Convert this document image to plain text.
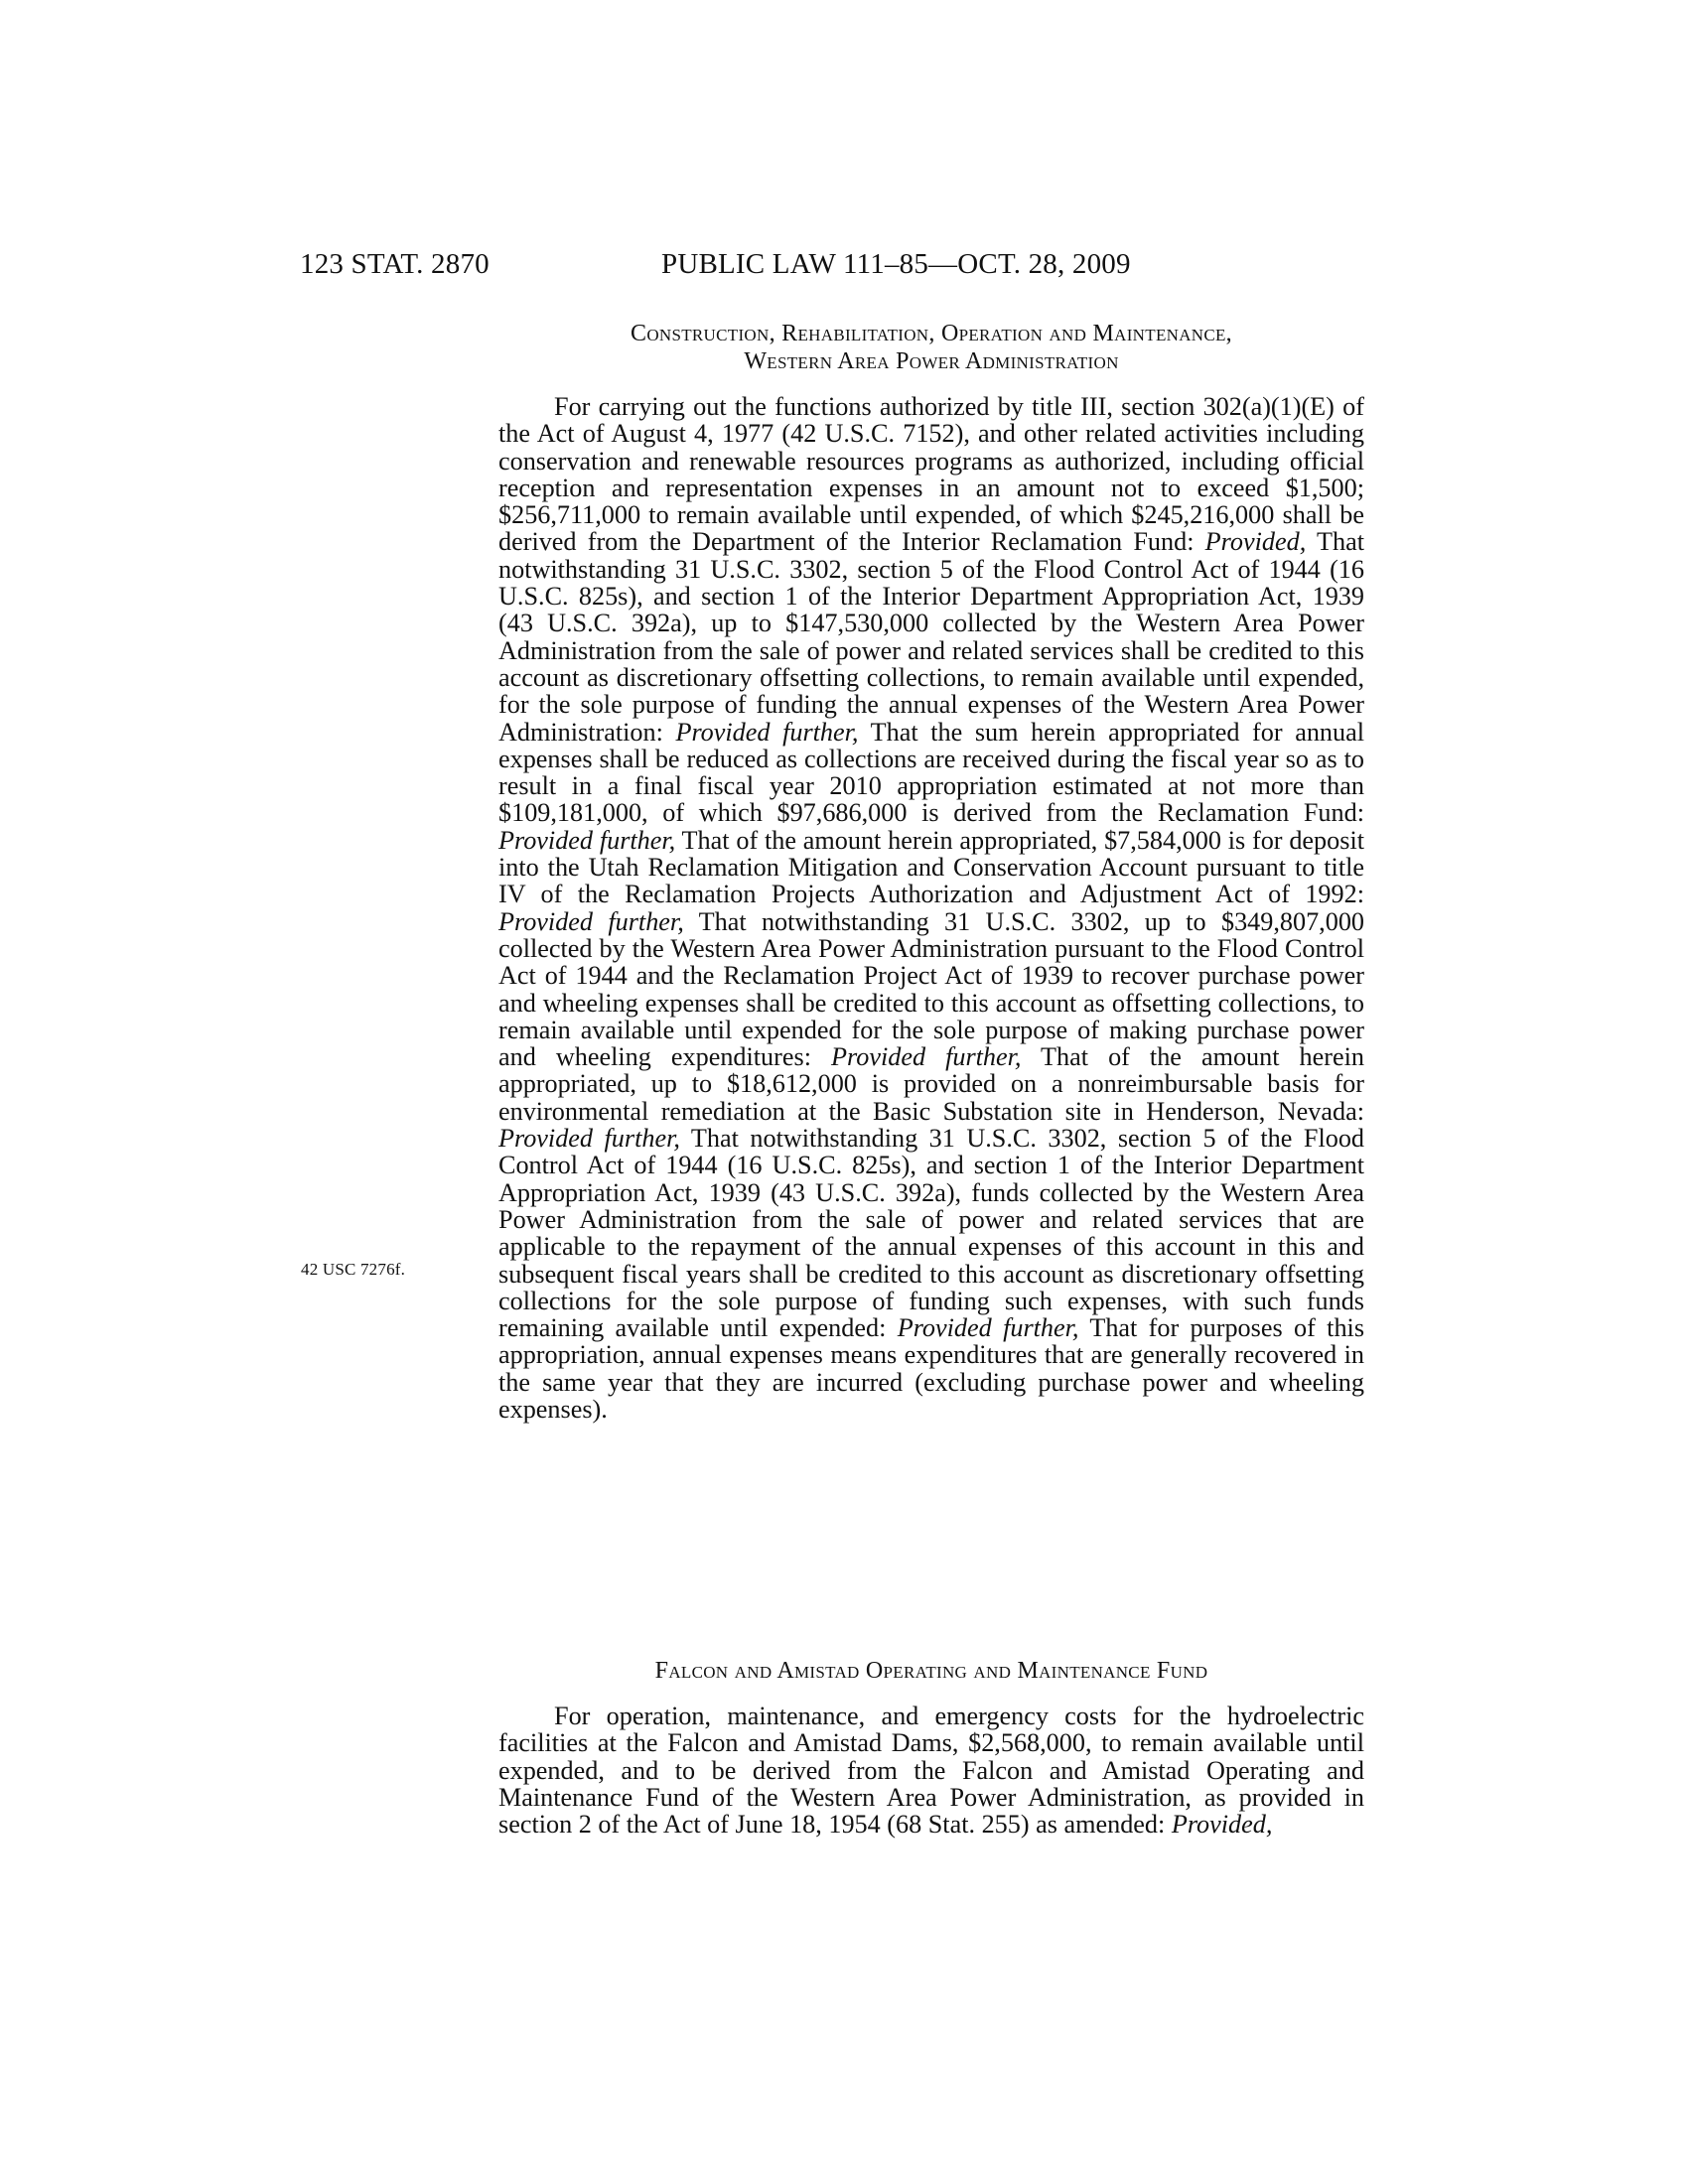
123 STAT. 2870	PUBLIC LAW 111–85—OCT. 28, 2009
Construction, Rehabilitation, Operation and Maintenance,
Western Area Power Administration

For carrying out the functions authorized by title III, section 302(a)(1)(E) of the Act of August 4, 1977 (42 U.S.C. 7152), and other related activities including conservation and renewable resources programs as authorized, including official reception and representation expenses in an amount not to exceed $1,500; $256,711,000 to remain available until expended, of which $245,216,000 shall be derived from the Department of the Interior Reclamation Fund: Provided, That notwithstanding 31 U.S.C. 3302, section 5 of the Flood Control Act of 1944 (16 U.S.C. 825s), and section 1 of the Interior Department Appropriation Act, 1939 (43 U.S.C. 392a), up to $147,530,000 collected by the Western Area Power Administration from the sale of power and related services shall be credited to this account as discretionary offsetting collections, to remain available until expended, for the sole purpose of funding the annual expenses of the Western Area Power Administration: Provided further, That the sum herein appropriated for annual expenses shall be reduced as collections are received during the fiscal year so as to result in a final fiscal year 2010 appropriation estimated at not more than $109,181,000, of which $97,686,000 is derived from the Reclamation Fund: Provided further, That of the amount herein appropriated, $7,584,000 is for deposit into the Utah Reclamation Mitigation and Conservation Account pursuant to title IV of the Reclamation Projects Authorization and Adjustment Act of 1992: Provided further, That notwithstanding 31 U.S.C. 3302, up to $349,807,000 collected by the Western Area Power Administration pursuant to the Flood Control Act of 1944 and the Reclamation Project Act of 1939 to recover purchase power and wheeling expenses shall be credited to this account as offsetting collections, to remain available until expended for the sole purpose of making purchase power and wheeling expenditures: Provided further, That of the amount herein appropriated, up to $18,612,000 is provided on a nonreimbursable basis for environmental remediation at the Basic Substation site in Henderson, Nevada: Provided further, That notwithstanding 31 U.S.C. 3302, section 5 of the Flood Control Act of 1944 (16 U.S.C. 825s), and section 1 of the Interior Department Appropriation Act, 1939 (43 U.S.C. 392a), funds collected by the Western Area Power Administration from the sale of power and related services that are applicable to the repayment of the annual expenses of this account in this and subsequent fiscal years shall be credited to this account as discretionary offsetting collections for the sole purpose of funding such expenses, with such funds remaining available until expended: Provided further, That for purposes of this appropriation, annual expenses means expenditures that are generally recovered in the same year that they are incurred (excluding purchase power and wheeling expenses).

42 USC 7276f.
Falcon and Amistad Operating and Maintenance Fund

For operation, maintenance, and emergency costs for the hydroelectric facilities at the Falcon and Amistad Dams, $2,568,000, to remain available until expended, and to be derived from the Falcon and Amistad Operating and Maintenance Fund of the Western Area Power Administration, as provided in section 2 of the Act of June 18, 1954 (68 Stat. 255) as amended: Provided,
